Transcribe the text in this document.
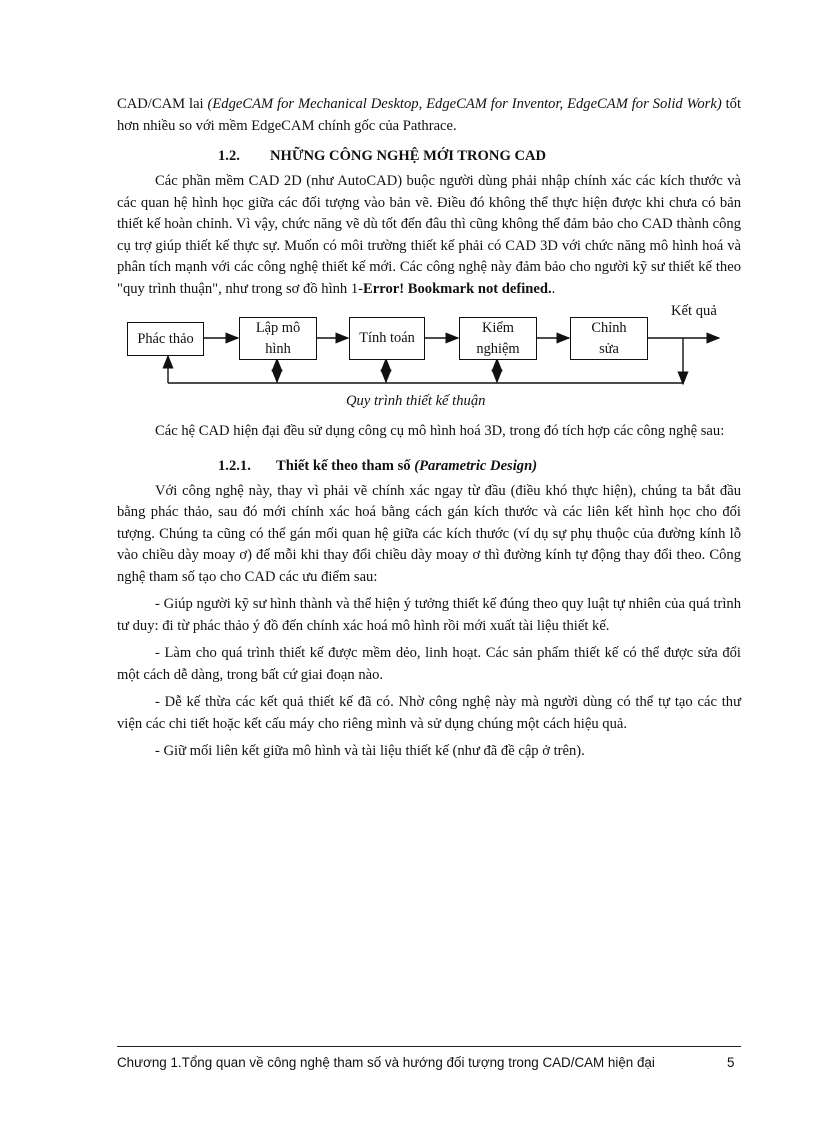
CAD/CAM lai (EdgeCAM for Mechanical Desktop, EdgeCAM for Inventor, EdgeCAM for Solid Work) tốt hơn nhiều so với mềm EdgeCAM chính gốc của Pathrace.

1.2. NHỮNG CÔNG NGHỆ MỚI TRONG CAD

Các phần mềm CAD 2D (như AutoCAD) buộc người dùng phải nhập chính xác các kích thước và các quan hệ hình học giữa các đối tượng vào bản vẽ. Điều đó không thể thực hiện được khi chưa có bản thiết kế hoàn chỉnh. Vì vậy, chức năng vẽ dù tốt đến đâu thì cũng không thể đảm bảo cho CAD thành công cụ trợ giúp thiết kế thực sự. Muốn có môi trường thiết kế phải có CAD 3D với chức năng mô hình hoá và phân tích mạnh với các công nghệ thiết kế mới. Các công nghệ này đảm bảo cho người kỹ sư thiết kế theo "quy trình thuận", như trong sơ đồ hình 1-Error! Bookmark not defined..

Phác thảo
Lập mô hình
Tính toán
Kiểm nghiệm
Chỉnh sửa
Kết quả
Quy trình thiết kế thuận

Các hệ CAD hiện đại đều sử dụng công cụ mô hình hoá 3D, trong đó tích hợp các công nghệ sau:

1.2.1. Thiết kế theo tham số (Parametric Design)

Với công nghệ này, thay vì phải vẽ chính xác ngay từ đầu (điều khó thực hiện), chúng ta bắt đầu bằng phác thảo, sau đó mới chính xác hoá bằng cách gán kích thước và các liên kết hình học cho đối tượng. Chúng ta cũng có thể gán mối quan hệ giữa các kích thước (ví dụ sự phụ thuộc của đường kính lỗ vào chiều dày moay ơ) để mỗi khi thay đổi chiều dày moay ơ thì đường kính tự động thay đổi theo. Công nghệ tham số tạo cho CAD các ưu điểm sau:

- Giúp người kỹ sư hình thành và thể hiện ý tưởng thiết kế đúng theo quy luật tự nhiên của quá trình tư duy: đi từ phác thảo ý đồ đến chính xác hoá mô hình rồi mới xuất tài liệu thiết kế.

- Làm cho quá trình thiết kế được mềm dẻo, linh hoạt. Các sản phẩm thiết kế có thể được sửa đổi một cách dễ dàng, trong bất cứ giai đoạn nào.

- Dễ kế thừa các kết quả thiết kế đã có. Nhờ công nghệ này mà người dùng có thể tự tạo các thư viện các chi tiết hoặc kết cấu máy cho riêng mình và sử dụng chúng một cách hiệu quả.

- Giữ mối liên kết giữa mô hình và tài liệu thiết kế (như đã đề cập ở trên).

Chương 1.Tổng quan về công nghệ tham số và hướng đối tượng trong CAD/CAM hiện đại	5
